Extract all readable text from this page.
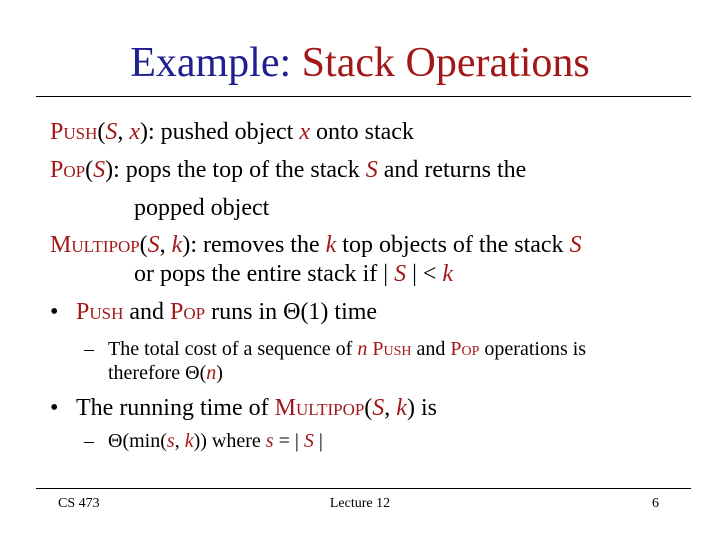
Example: Stack Operations
Push(S, x): pushed object x onto stack
Pop(S): pops the top of the stack S and returns the
popped object
Multipop(S, k): removes the k top objects of the stack S
or pops the entire stack if | S | < k
• Push and Pop runs in Θ(1) time
– The total cost of a sequence of n Push and Pop operations is
therefore Θ(n)
• The running time of Multipop(S, k) is
– Θ(min(s, k)) where s = | S |
CS 473	Lecture 12	6
